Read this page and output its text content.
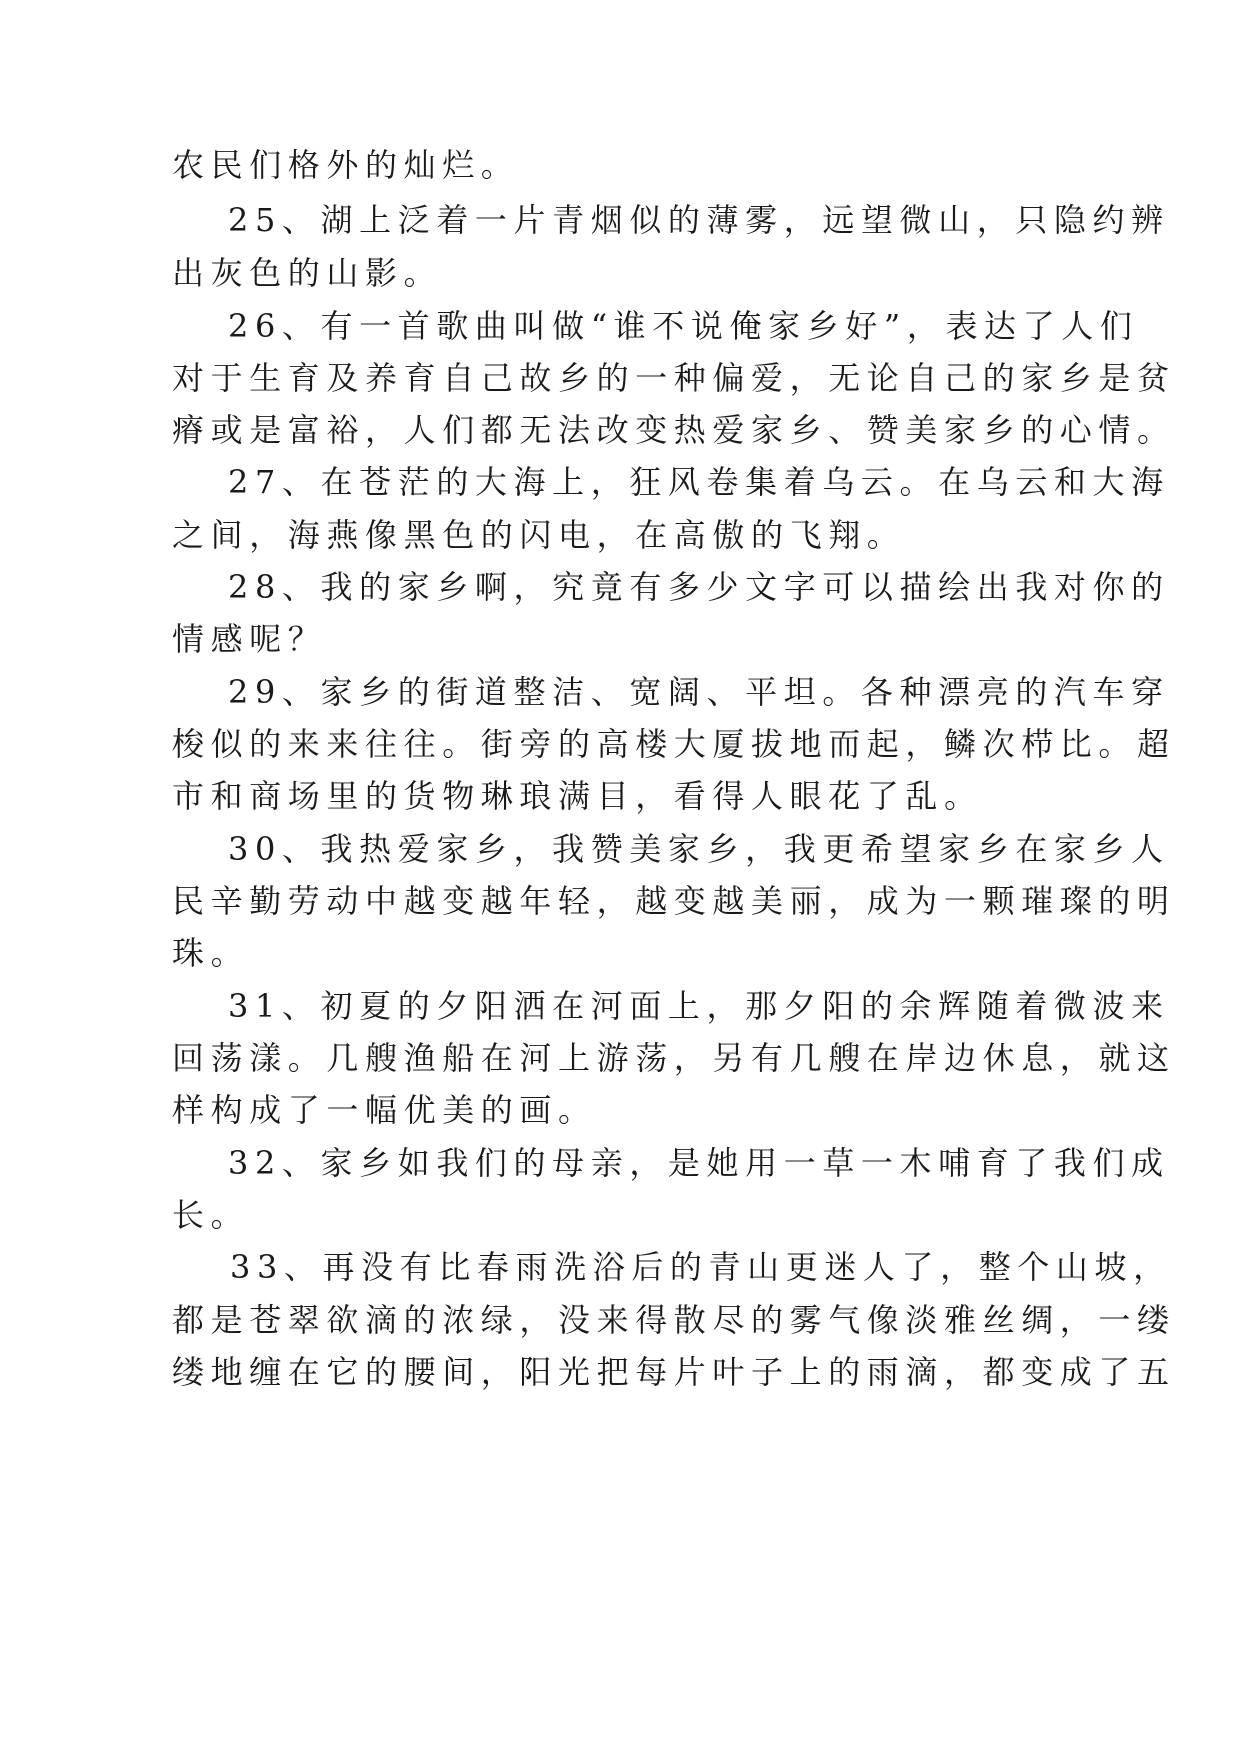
农民们格外的灿烂。
25、湖上泛着一片青烟似的薄雾，远望微山，只隐约辨
出灰色的山影。
26、有一首歌曲叫做“谁不说俺家乡好”，表达了人们
对于生育及养育自己故乡的一种偏爱，无论自己的家乡是贫
瘠或是富裕，人们都无法改变热爱家乡、赞美家乡的心情。
27、在苍茫的大海上，狂风卷集着乌云。在乌云和大海
之间，海燕像黑色的闪电，在高傲的飞翔。
28、我的家乡啊，究竟有多少文字可以描绘出我对你的
情感呢？
29、家乡的街道整洁、宽阔、平坦。各种漂亮的汽车穿
梭似的来来往往。街旁的高楼大厦拔地而起，鳞次栉比。超
市和商场里的货物琳琅满目，看得人眼花了乱。
30、我热爱家乡，我赞美家乡，我更希望家乡在家乡人
民辛勤劳动中越变越年轻，越变越美丽，成为一颗璀璨的明
珠。
31、初夏的夕阳洒在河面上，那夕阳的余辉随着微波来
回荡漾。几艘渔船在河上游荡，另有几艘在岸边休息，就这
样构成了一幅优美的画。
32、家乡如我们的母亲，是她用一草一木哺育了我们成
长。
33、再没有比春雨洗浴后的青山更迷人了，整个山坡，
都是苍翠欲滴的浓绿，没来得散尽的雾气像淡雅丝绸，一缕
缕地缠在它的腰间，阳光把每片叶子上的雨滴，都变成了五
